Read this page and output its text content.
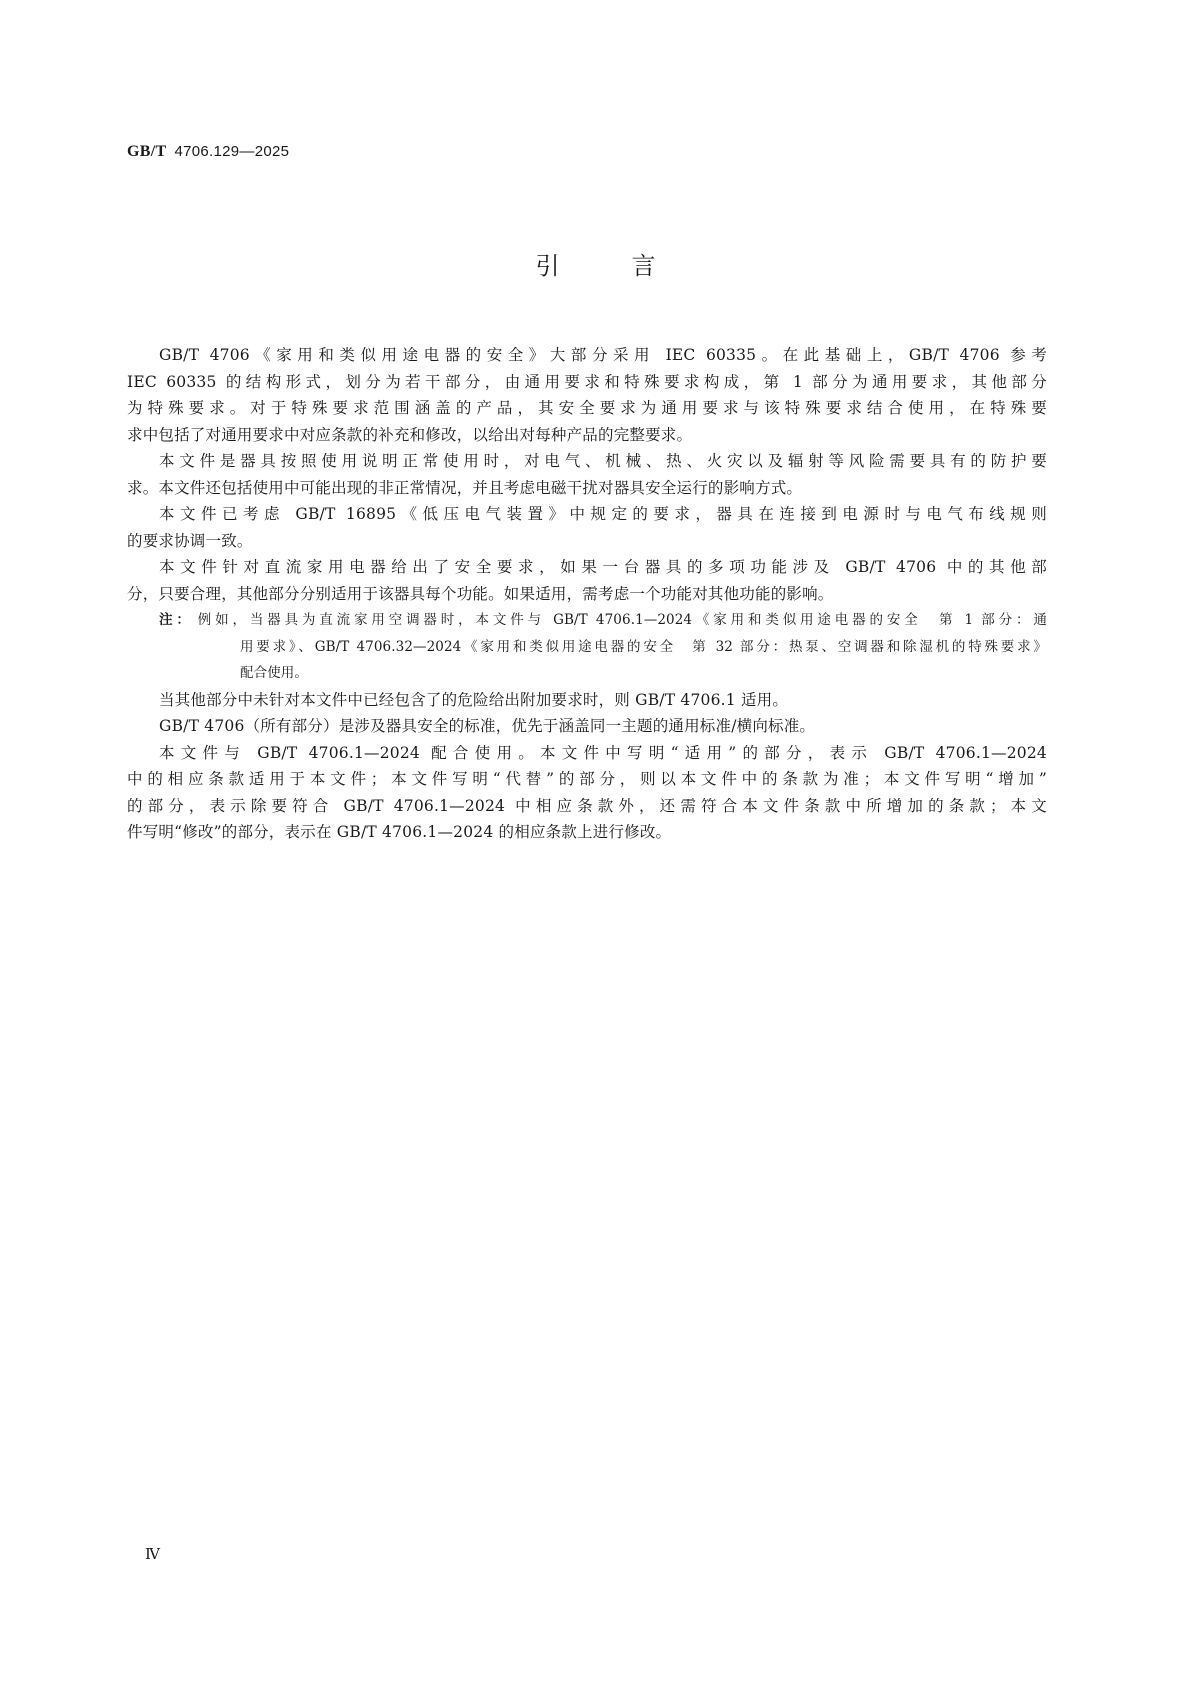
GB/T 4706.129—2025
引	言
GB/T 4706《家用和类似用途电器的安全》大部分采用 IEC 60335。在此基础上，GB/T 4706 参考
IEC 60335 的结构形式，划分为若干部分，由通用要求和特殊要求构成，第 1 部分为通用要求，其他部分
为特殊要求。对于特殊要求范围涵盖的产品，其安全要求为通用要求与该特殊要求结合使用，在特殊要
求中包括了对通用要求中对应条款的补充和修改，以给出对每种产品的完整要求。
本文件是器具按照使用说明正常使用时，对电气、机械、热、火灾以及辐射等风险需要具有的防护要
求。本文件还包括使用中可能出现的非正常情况，并且考虑电磁干扰对器具安全运行的影响方式。
本文件已考虑 GB/T 16895《低压电气装置》中规定的要求，器具在连接到电源时与电气布线规则
的要求协调一致。
本文件针对直流家用电器给出了安全要求，如果一台器具的多项功能涉及 GB/T 4706 中的其他部
分，只要合理，其他部分分别适用于该器具每个功能。如果适用，需考虑一个功能对其他功能的影响。
注： 例如，当器具为直流家用空调器时，本文件与 GB/T 4706.1—2024《家用和类似用途电器的安全　第 1 部分：通
用要求》、GB/T 4706.32—2024《家用和类似用途电器的安全　第 32 部分：热泵、空调器和除湿机的特殊要求》
配合使用。
当其他部分中未针对本文件中已经包含了的危险给出附加要求时，则 GB/T 4706.1 适用。
GB/T 4706（所有部分）是涉及器具安全的标准，优先于涵盖同一主题的通用标准/横向标准。
本文件与 GB/T 4706.1—2024 配合使用。本文件中写明“适用”的部分，表示 GB/T 4706.1—2024
中的相应条款适用于本文件；本文件写明“代替”的部分，则以本文件中的条款为准；本文件写明“增加”
的部分，表示除要符合 GB/T 4706.1—2024 中相应条款外，还需符合本文件条款中所增加的条款；本文
件写明“修改”的部分，表示在 GB/T 4706.1—2024 的相应条款上进行修改。
Ⅳ
